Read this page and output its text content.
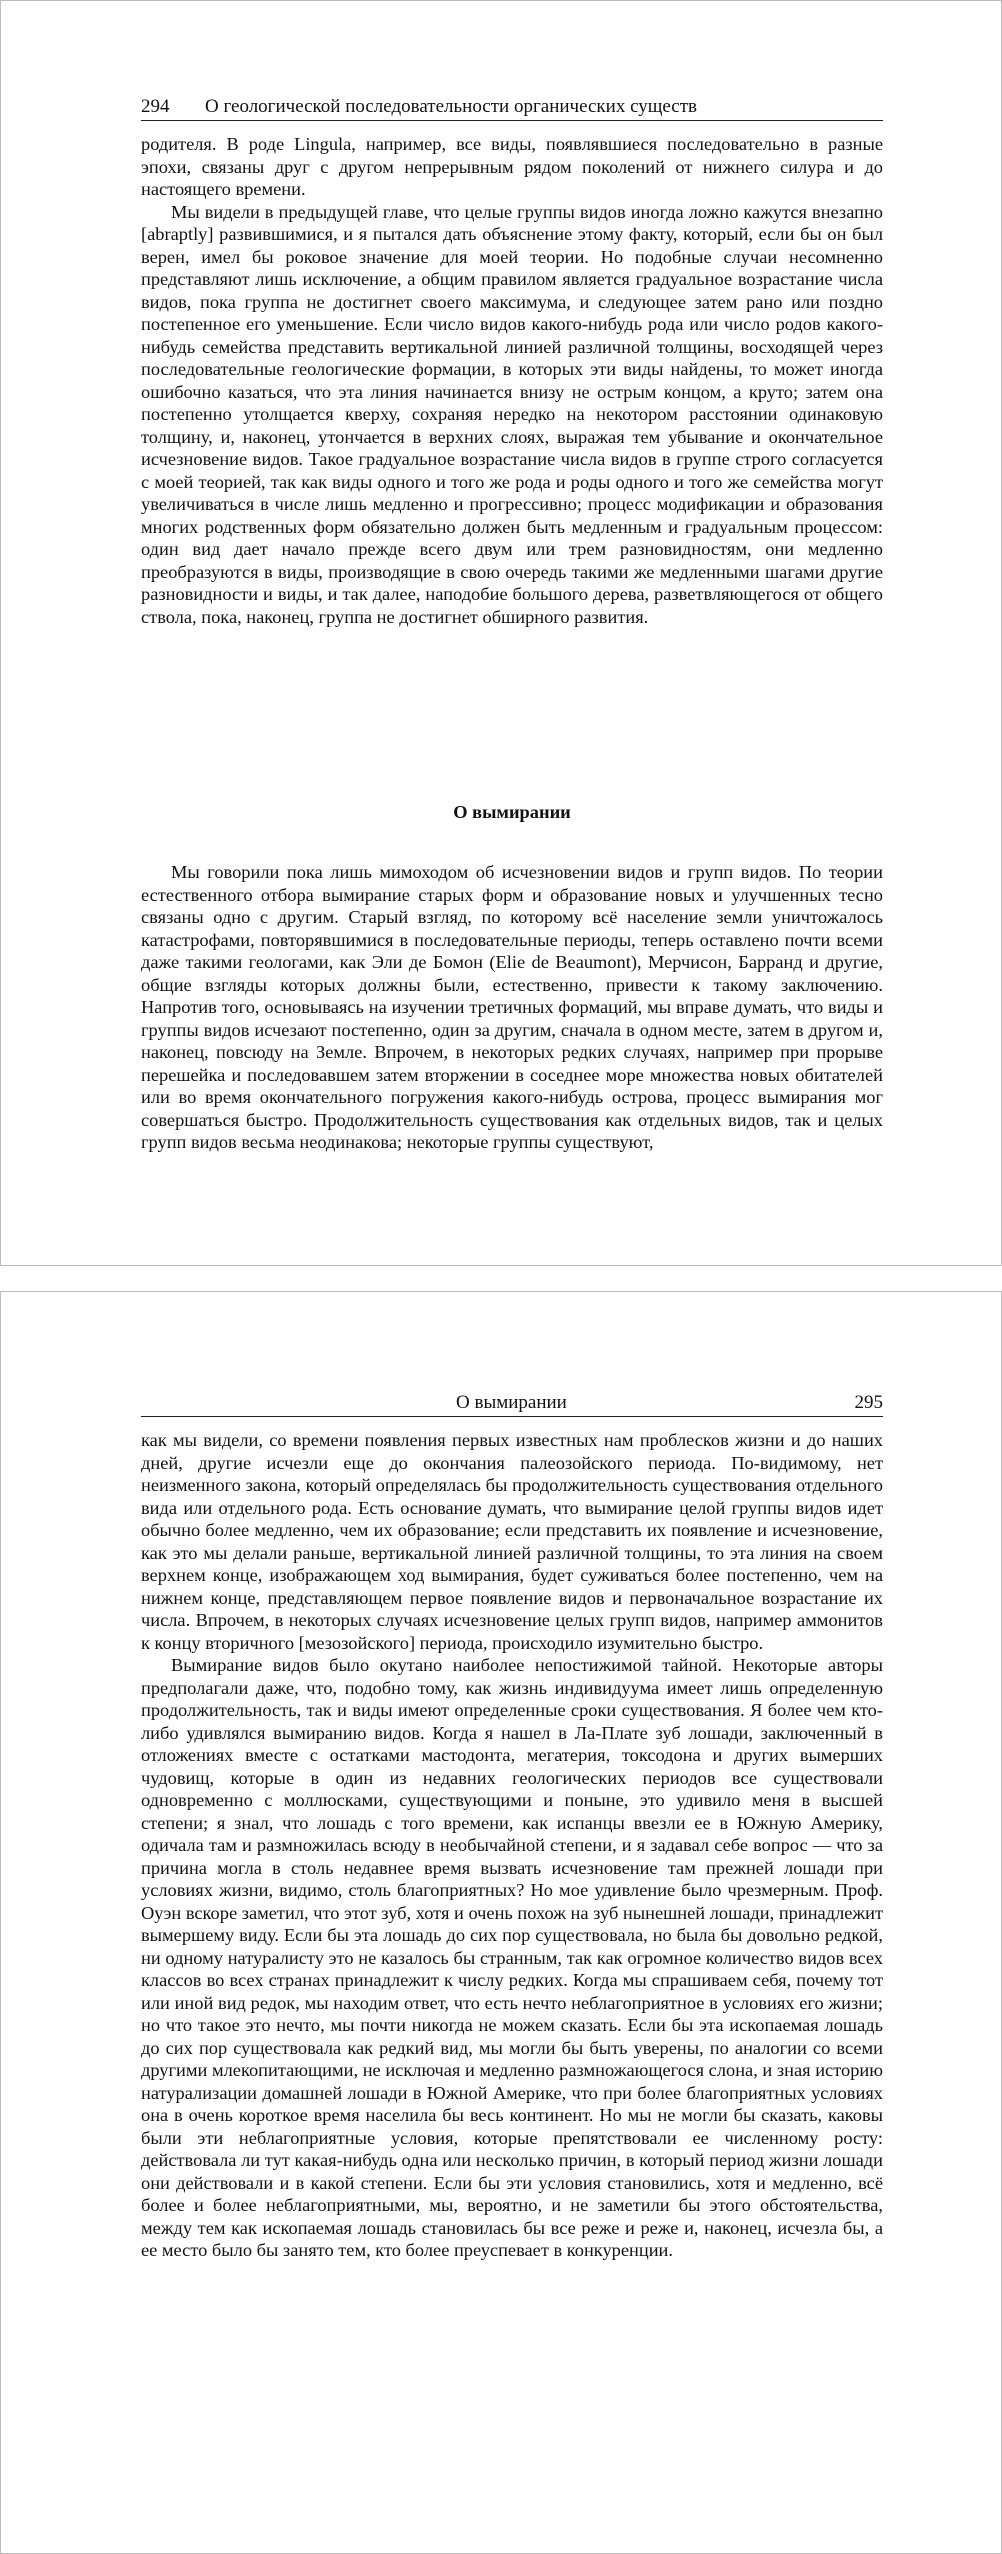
294 О геологической последовательности органических существ

родителя. В роде Lingula, например, все виды, появлявшиеся последовательно в разные эпохи, связаны друг с другом непрерывным рядом поколений от нижнего силура и до настоящего времени.

Мы видели в предыдущей главе, что целые группы видов иногда ложно кажутся внезапно [abraptly] развившимися, и я пытался дать объяснение этому факту, который, если бы он был верен, имел бы роковое значение для моей теории. Но подобные случаи несомненно представляют лишь исключение, а общим правилом является градуальное возрастание числа видов, пока группа не достигнет своего максимума, и следующее затем рано или поздно постепенное его уменьшение. Если число видов какого-нибудь рода или число родов какого-нибудь семейства представить вертикальной линией различной толщины, восходящей через последовательные геологические формации, в которых эти виды найдены, то может иногда ошибочно казаться, что эта линия начинается внизу не острым концом, а круто; затем она постепенно утолщается кверху, сохраняя нередко на некотором расстоянии одинаковую толщину, и, наконец, утончается в верхних слоях, выражая тем убывание и окончательное исчезновение видов. Такое градуальное возрастание числа видов в группе строго согласуется с моей теорией, так как виды одного и того же рода и роды одного и того же семейства могут увеличиваться в числе лишь медленно и прогрессивно; процесс модификации и образования многих родственных форм обязательно должен быть медленным и градуальным процессом: один вид дает начало прежде всего двум или трем разновидностям, они медленно преобразуются в виды, производящие в свою очередь такими же медленными шагами другие разновидности и виды, и так далее, наподобие большого дерева, разветвляющегося от общего ствола, пока, наконец, группа не достигнет обширного развития.

О вымирании

Мы говорили пока лишь мимоходом об исчезновении видов и групп видов. По теории естественного отбора вымирание старых форм и образование новых и улучшенных тесно связаны одно с другим. Старый взгляд, по которому всё население земли уничтожалось катастрофами, повторявшимися в последовательные периоды, теперь оставлено почти всеми даже такими геологами, как Эли де Бомон (Elie de Beaumont), Мерчисон, Барранд и другие, общие взгляды которых должны были, естественно, привести к такому заключению. Напротив того, основываясь на изучении третичных формаций, мы вправе думать, что виды и группы видов исчезают постепенно, один за другим, сначала в одном месте, затем в другом и, наконец, повсюду на Земле. Впрочем, в некоторых редких случаях, например при прорыве перешейка и последовавшем затем вторжении в соседнее море множества новых обитателей или во время окончательного погружения какого-нибудь острова, процесс вымирания мог совершаться быстро. Продолжительность существования как отдельных видов, так и целых групп видов весьма неодинакова; некоторые группы существуют,

О вымирании	295

как мы видели, со времени появления первых известных нам проблесков жизни и до наших дней, другие исчезли еще до окончания палеозойского периода. По-видимому, нет неизменного закона, который определялась бы продолжительность существования отдельного вида или отдельного рода. Есть основание думать, что вымирание целой группы видов идет обычно более медленно, чем их образование; если представить их появление и исчезновение, как это мы делали раньше, вертикальной линией различной толщины, то эта линия на своем верхнем конце, изображающем ход вымирания, будет суживаться более постепенно, чем на нижнем конце, представляющем первое появление видов и первоначальное возрастание их числа. Впрочем, в некоторых случаях исчезновение целых групп видов, например аммонитов к концу вторичного [мезозойского] периода, происходило изумительно быстро.

Вымирание видов было окутано наиболее непостижимой тайной. Некоторые авторы предполагали даже, что, подобно тому, как жизнь индивидуума имеет лишь определенную продолжительность, так и виды имеют определенные сроки существования. Я более чем кто-либо удивлялся вымиранию видов. Когда я нашел в Ла-Плате зуб лошади, заключенный в отложениях вместе с остатками мастодонта, мегатерия, токсодона и других вымерших чудовищ, которые в один из недавних геологических периодов все существовали одновременно с моллюсками, существующими и поныне, это удивило меня в высшей степени; я знал, что лошадь с того времени, как испанцы ввезли ее в Южную Америку, одичала там и размножилась всюду в необычайной степени, и я задавал себе вопрос — что за причина могла в столь недавнее время вызвать исчезновение там прежней лошади при условиях жизни, видимо, столь благоприятных? Но мое удивление было чрезмерным. Проф. Оуэн вскоре заметил, что этот зуб, хотя и очень похож на зуб нынешней лошади, принадлежит вымершему виду. Если бы эта лошадь до сих пор существовала, но была бы довольно редкой, ни одному натуралисту это не казалось бы странным, так как огромное количество видов всех классов во всех странах принадлежит к числу редких. Когда мы спрашиваем себя, почему тот или иной вид редок, мы находим ответ, что есть нечто неблагоприятное в условиях его жизни; но что такое это нечто, мы почти никогда не можем сказать. Если бы эта ископаемая лошадь до сих пор существовала как редкий вид, мы могли бы быть уверены, по аналогии со всеми другими млекопитающими, не исключая и медленно размножающегося слона, и зная историю натурализации домашней лошади в Южной Америке, что при более благоприятных условиях она в очень короткое время населила бы весь континент. Но мы не могли бы сказать, каковы были эти неблагоприятные условия, которые препятствовали ее численному росту: действовала ли тут какая-нибудь одна или несколько причин, в который период жизни лошади они действовали и в какой степени. Если бы эти условия становились, хотя и медленно, всё более и более неблагоприятными, мы, вероятно, и не заметили бы этого обстоятельства, между тем как ископаемая лошадь становилась бы все реже и реже и, наконец, исчезла бы, а ее место было бы занято тем, кто более преуспевает в конкуренции.
